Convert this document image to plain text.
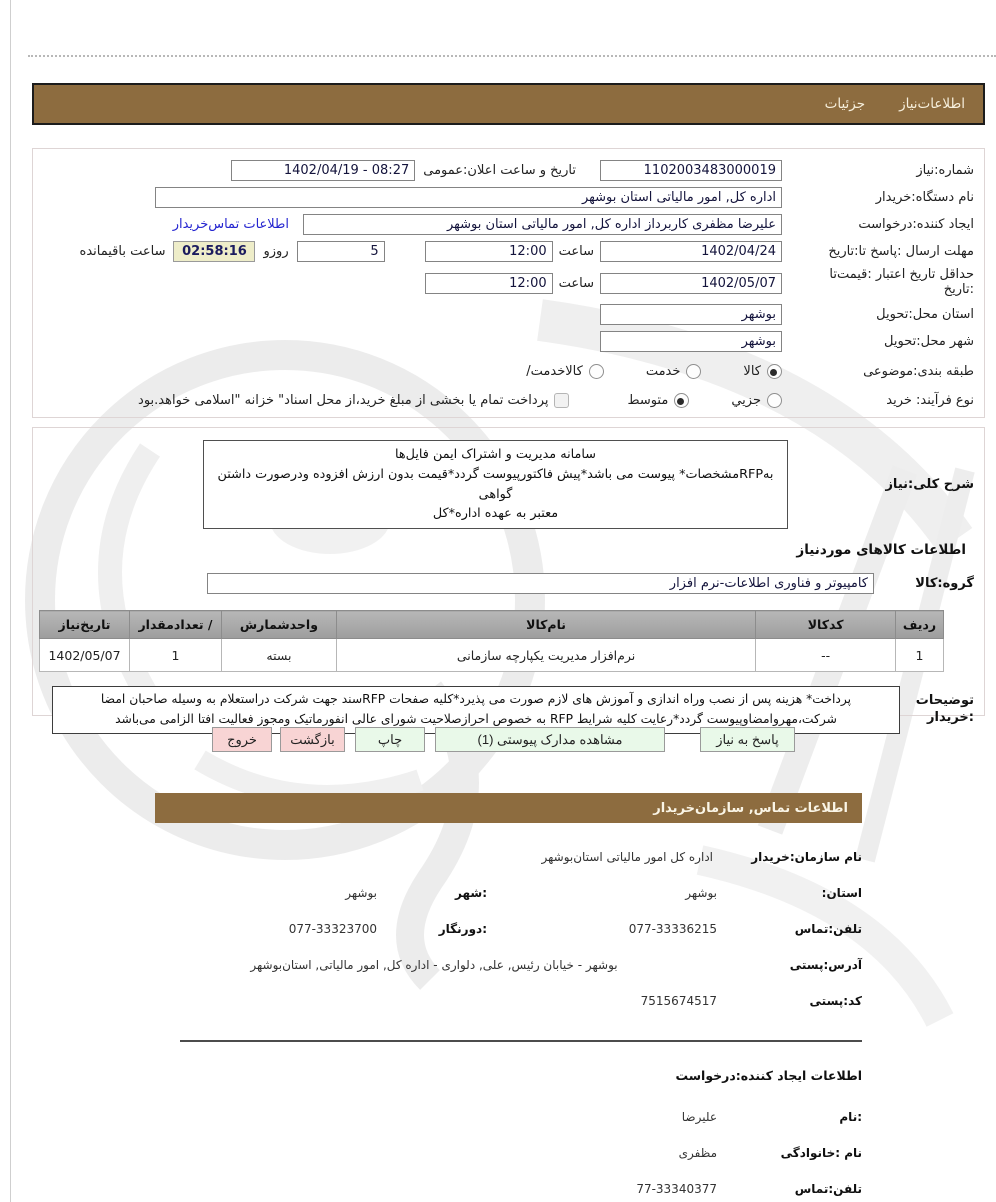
اطلاعات‌نیاز
جزئیات
شماره:نیاز
1102003483000019
تاریخ و ساعت اعلان:عمومی
08:27 - 1402/04/19
نام دستگاه:خریدار
اداره کل, امور مالیاتی استان بوشهر
ایجاد کننده:درخواست
علیرضا مظفری کاربرداز اداره کل, امور مالیاتی استان بوشهر
اطلاعات تماس‌خریدار
مهلت ارسال :پاسخ تا:تاریخ
1402/04/24
ساعت
12:00
5
روزو
02:58:16
ساعت باقیمانده
حداقل تاریخ اعتبار :قیمت‌تا
:تاریخ
1402/05/07
ساعت
12:00
استان محل:تحویل
بوشهر
شهر محل:تحویل
بوشهر
طبقه بندی:موضوعی
کالا
خدمت
کالاخدمت/
نوع فرآیند: خرید
جزیي
متوسط
پرداخت تمام یا بخشی از مبلغ خرید،از محل اسناد" خزانه "اسلامی خواهد.بود
شرح کلی:نیاز
سامانه مدیریت و اشتراک ایمن فایل‌ها
به‌RFPمشخصات* پیوست می باشد*پیش فاکتورپیوست گردد*قیمت بدون ارزش افزوده ودرصورت داشتن گواهی
معتبر به عهده اداره*کل
اطلاعات کالاهای موردنیاز
گروه:کالا
کامپیوتر و فناوری اطلاعات-نرم افزار
ردیف	کدکالا	نام‌کالا	واحدشمارش	/ تعدادمقدار	تاریخ‌نیاز
1	--	نرم‌افزار مدیریت یکپارچه سازمانی	بسته	1	1402/05/07
توضیحات
:خریدار
پرداخت* هزینه پس از نصب وراه اندازی و آموزش های لازم صورت می پذیرد*کلیه صفحات RFPسند جهت شرکت دراستعلام به وسیله صاحبان امضا
شرکت،مهروامضاوپیوست گردد*رعایت کلیه شرایط RFP به خصوص احرازصلاحیت شورای عالی انفورماتیک ومجوز فعالیت افتا الزامی می‌باشد
پاسخ به نیاز
مشاهده مدارک پیوستی (1)
چاپ
بازگشت
خروج
اطلاعات تماس, سازمان‌خریدار
نام سازمان:خریدار
اداره کل امور مالیاتی استان‌بوشهر
استان:
بوشهر
:شهر
بوشهر
تلفن:تماس
077-33336215
:دورنگار
077-33323700
آدرس:پستی
بوشهر - خیابان رئیس, علی, دلواری - اداره کل, امور مالیاتی, استان‌بوشهر
کد:پستی
7515674517
اطلاعات ایجاد کننده:درخواست
:نام
علیرضا
نام :خانوادگی
مظفری
تلفن:تماس
77-33340377
